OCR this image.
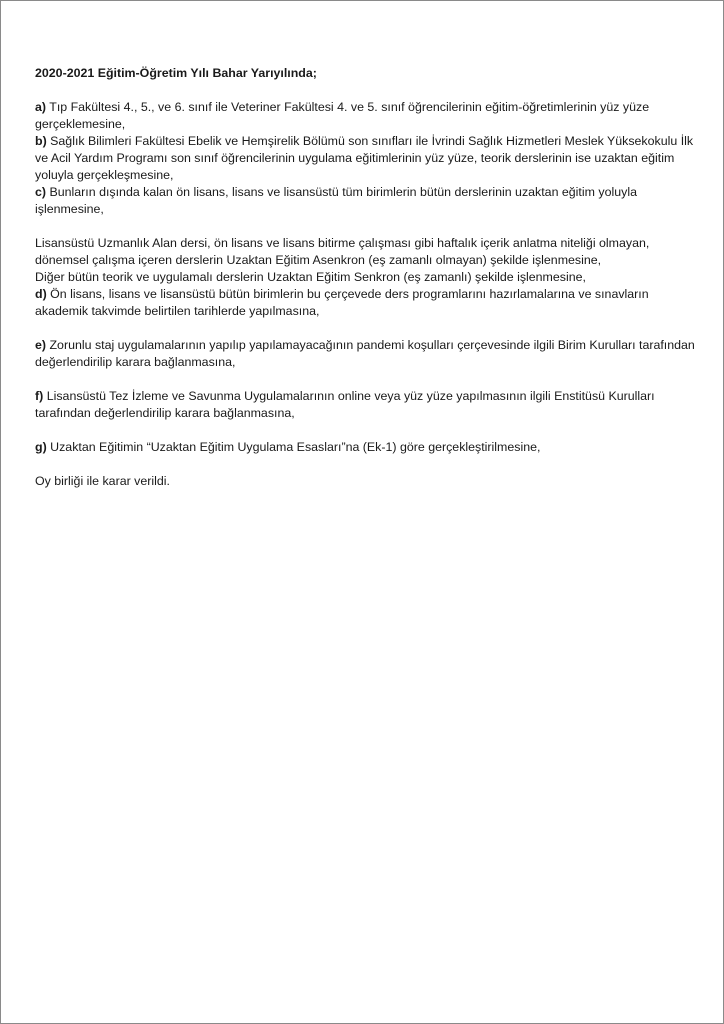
2020-2021 Eğitim-Öğretim Yılı Bahar Yarıyılında;

a) Tıp Fakültesi 4., 5., ve 6. sınıf ile Veteriner Fakültesi 4. ve 5. sınıf öğrencilerinin eğitim-öğretimlerinin yüz yüze gerçeklemesine,

b) Sağlık Bilimleri Fakültesi Ebelik ve Hemşirelik Bölümü son sınıfları ile İvrindi Sağlık Hizmetleri Meslek Yüksekokulu İlk ve Acil Yardım Programı son sınıf öğrencilerinin uygulama eğitimlerinin yüz yüze, teorik derslerinin ise uzaktan eğitim yoluyla gerçekleşmesine,

c) Bunların dışında kalan ön lisans, lisans ve lisansüstü tüm birimlerin bütün derslerinin uzaktan eğitim yoluyla işlenmesine,

Lisansüstü Uzmanlık Alan dersi, ön lisans ve lisans bitirme çalışması gibi haftalık içerik anlatma niteliği olmayan, dönemsel çalışma içeren derslerin Uzaktan Eğitim Asenkron (eş zamanlı olmayan) şekilde işlenmesine,

Diğer bütün teorik ve uygulamalı derslerin Uzaktan Eğitim Senkron (eş zamanlı) şekilde işlenmesine,

d) Ön lisans, lisans ve lisansüstü bütün birimlerin bu çerçevede ders programlarını hazırlamalarına ve sınavların akademik takvimde belirtilen tarihlerde yapılmasına,

e) Zorunlu staj uygulamalarının yapılıp yapılamayacağının pandemi koşulları çerçevesinde ilgili Birim Kurulları tarafından değerlendirilip karara bağlanmasına,

f) Lisansüstü Tez İzleme ve Savunma Uygulamalarının online veya yüz yüze yapılmasının ilgili Enstitüsü Kurulları tarafından değerlendirilip karara bağlanmasına,

g) Uzaktan Eğitimin “Uzaktan Eğitim Uygulama Esasları”na (Ek-1) göre gerçekleştirilmesine,

Oy birliği ile karar verildi.
